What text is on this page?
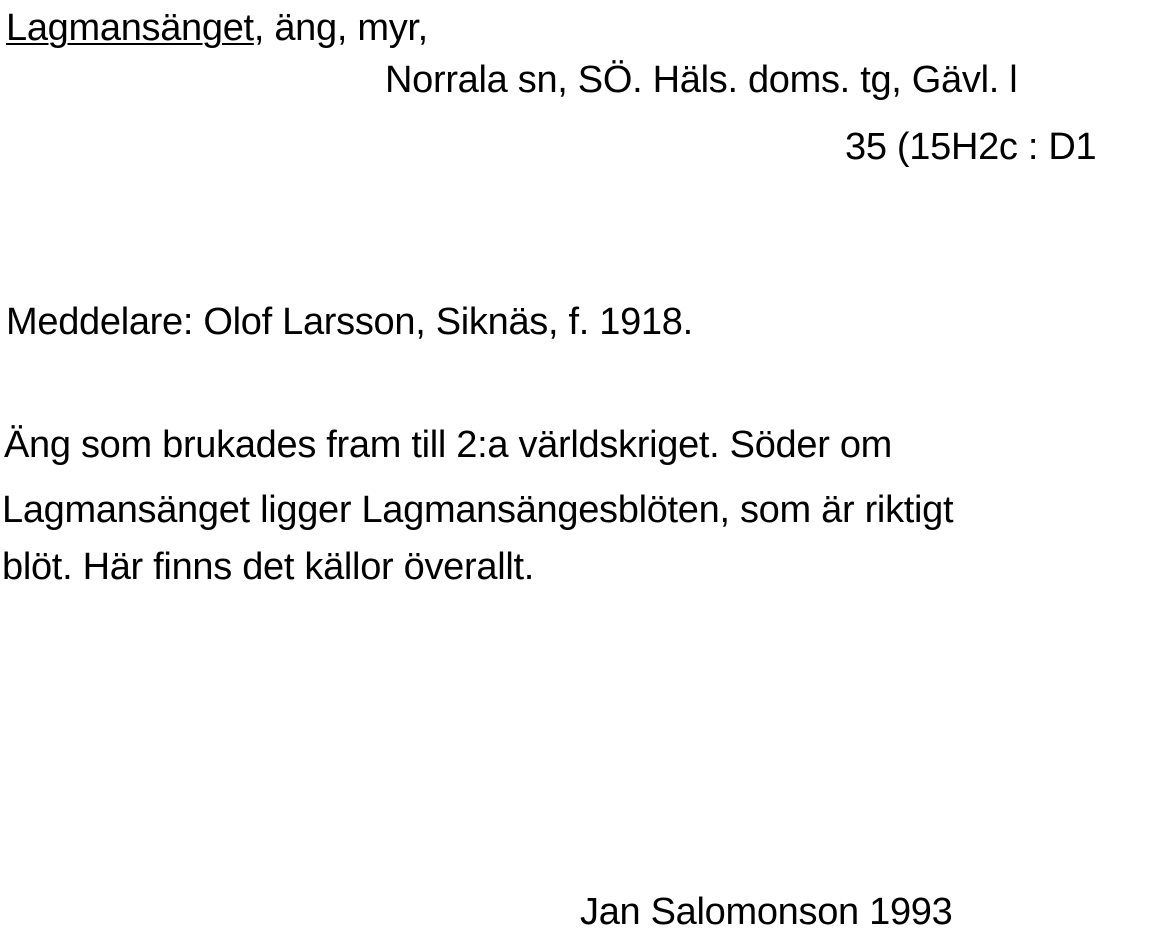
Lagmansänget, äng, myr,
Norrala sn, SÖ. Häls. doms. tg, Gävl. l
35 (15H2c : D1
Meddelare: Olof Larsson, Siknäs, f. 1918.
Äng som brukades fram till 2:a världskriget. Söder om
Lagmansänget ligger Lagmansängesblöten, som är riktigt
blöt. Här finns det källor överallt.
Jan Salomonson 1993
